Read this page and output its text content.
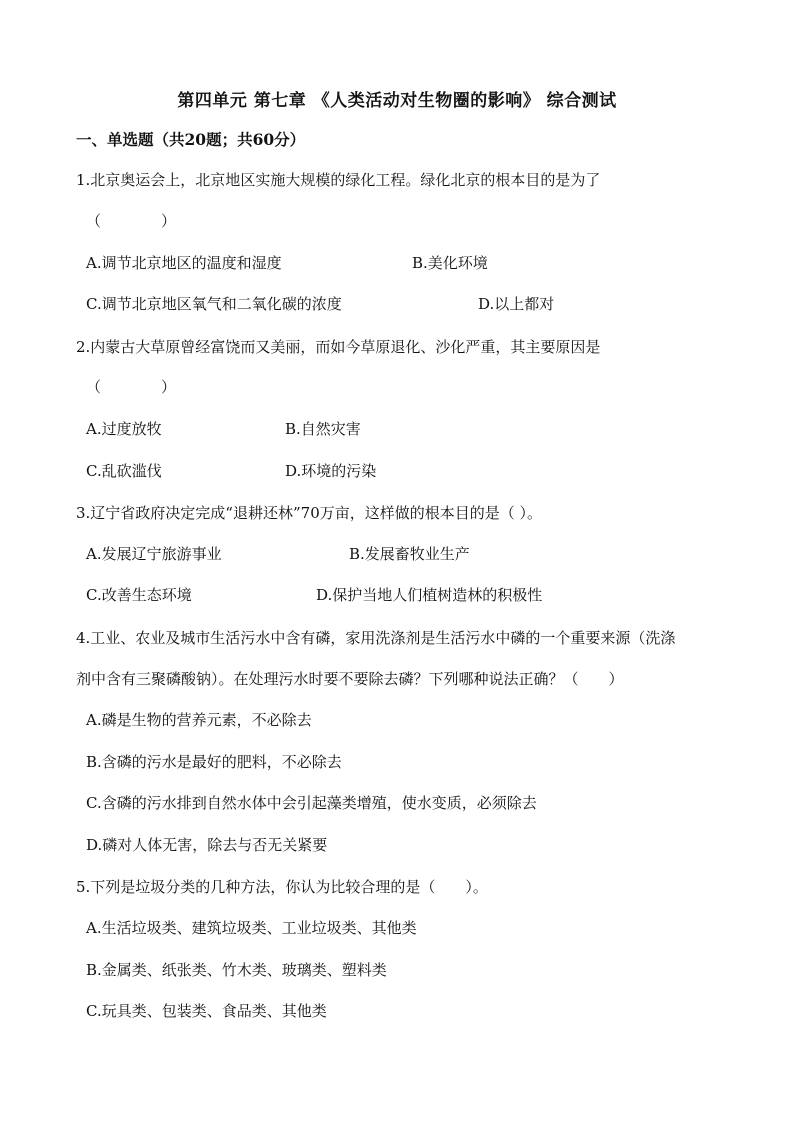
第四单元 第七章 《人类活动对生物圈的影响》 综合测试
一、单选题（共20题；共60分）
1.北京奥运会上，北京地区实施大规模的绿化工程。绿化北京的根本目的是为了
（　　　　）
A.调节北京地区的温度和湿度	B.美化环境
C.调节北京地区氧气和二氧化碳的浓度	D.以上都对
2.内蒙古大草原曾经富饶而又美丽，而如今草原退化、沙化严重，其主要原因是
（　　　　）
A.过度放牧	B.自然灾害
C.乱砍滥伐	D.环境的污染
3.辽宁省政府决定完成“退耕还林”70万亩，这样做的根本目的是（ ）。
A.发展辽宁旅游事业	B.发展畜牧业生产
C.改善生态环境	D.保护当地人们植树造林的积极性
4.工业、农业及城市生活污水中含有磷，家用洗涤剂是生活污水中磷的一个重要来源（洗涤
剂中含有三聚磷酸钠）。在处理污水时要不要除去磷？下列哪种说法正确？（　　）
A.磷是生物的营养元素，不必除去
B.含磷的污水是最好的肥料，不必除去
C.含磷的污水排到自然水体中会引起藻类增殖，使水变质，必须除去
D.磷对人体无害，除去与否无关紧要
5.下列是垃圾分类的几种方法，你认为比较合理的是（　　）。
A.生活垃圾类、建筑垃圾类、工业垃圾类、其他类
B.金属类、纸张类、竹木类、玻璃类、塑料类
C.玩具类、包装类、食品类、其他类
